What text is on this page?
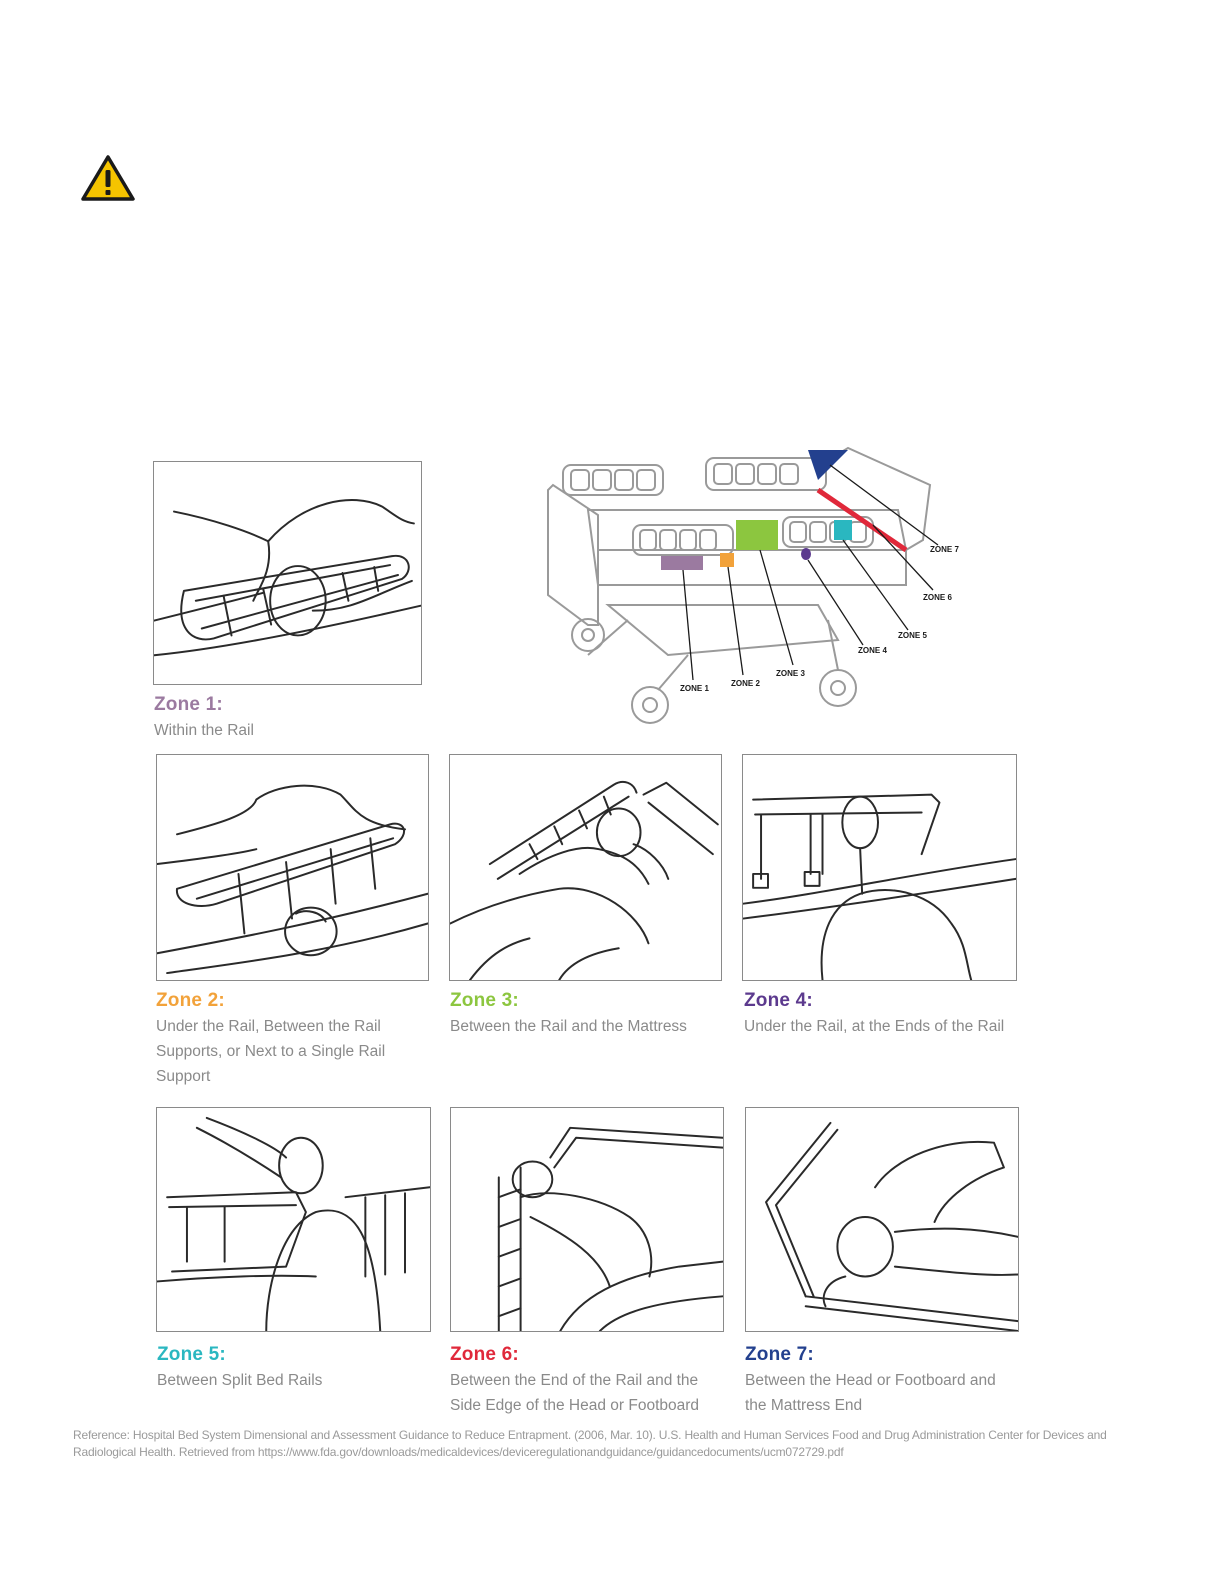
ZONE 1
ZONE 2
ZONE 3
ZONE 4
ZONE 5
ZONE 6
ZONE 7
Zone 1:
Within the Rail
Zone 2:
Under the Rail, Between the Rail
Supports, or Next to a Single Rail
Support
Zone 3:
Between the Rail and the Mattress
Zone 4:
Under the Rail, at the Ends of the Rail
Zone 5:
Between Split Bed Rails
Zone 6:
Between the End of the Rail and the
Side Edge of the Head or Footboard
Zone 7:
Between the Head or Footboard and
the Mattress End
Reference: Hospital Bed System Dimensional and Assessment Guidance to Reduce Entrapment. (2006, Mar. 10). U.S. Health and Human Services Food and Drug Administration Center for Devices and
Radiological Health. Retrieved from https://www.fda.gov/downloads/medicaldevices/deviceregulationandguidance/guidancedocuments/ucm072729.pdf
